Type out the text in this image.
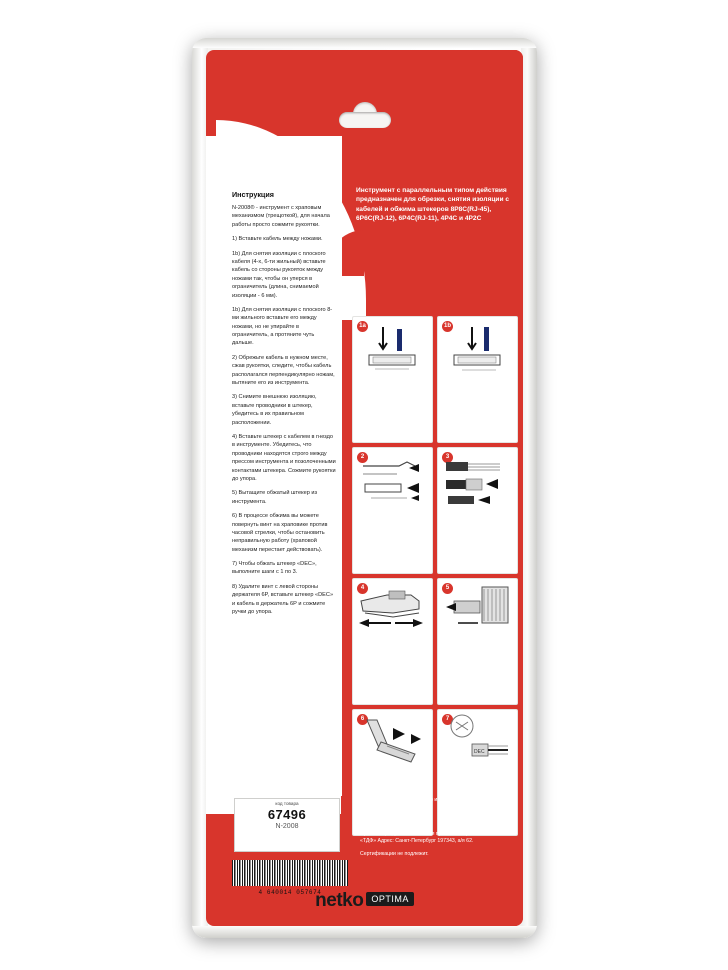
Инструкция

N-2008® - инструмент с храповым механизмом (трещоткой), для начала работы просто сожмите рукоятки.

1) Вставьте кабель между ножами.

1b) Для снятия изоляции с плоского кабеля (4-х, 6-ти жильный) вставьте кабель со стороны рукояток между ножами так, чтобы он уперся в ограничитель (длина, снимаемой изоляции - 6 мм).

1b) Для снятия изоляции с плоского 8-ми жильного вставьте его между ножами, но не упирайте в ограничитель, а протяните чуть дальше.

2) Обрежьте кабель в нужном месте, сжав рукоятки, следите, чтобы кабель располагался перпендикулярно ножам, вытяните его из инструмента.

3) Снимите внешнюю изоляцию, вставьте проводники в штекер, убедитесь в их правильном расположении.

4) Вставьте штекер с кабелем в гнездо в инструменте. Убедитесь, что проводники находятся строго между прессом инструмента и позолоченными контактами штекера. Сожмите рукоятки до упора.

5) Вытащите обжатый штекер из инструмента.

6) В процессе обжима вы можете повернуть винт на храповике против часовой стрелки, чтобы остановить неправильную работу (храповой механизм перестает действовать).

7) Чтобы обжать штекер «DEC», выполните шаги с 1 по 3.

8) Удалите винт с левой стороны держателя 6P, вставьте штекер «DEC» и кабель в держатель 6P и сожмите ручки до упора.

Инструмент с параллельным типом действия предназначен для обрезки, снятия изоляции с кабелей и обжима штекеров 8P8C(RJ-45), 6P6C(RJ-12), 6P4C(RJ-11), 4P4C и 4P2C
1a	1b
2	3
4	5
6	7
DEC
код товара
67496
N-2008
4 640014 057674

Поставщик: Нинбо Нью Центр и экспорт B/22 FE, 168 Бланжинг road, Нинбо.

Страна изготовитель: КНР

Организация, уполномоченная принимать претензии: ООО «ТДФ» Адрес: Санкт-Петербург 197343, а/я 62.

Сертификации не подлежит.

netko OPTIMA
